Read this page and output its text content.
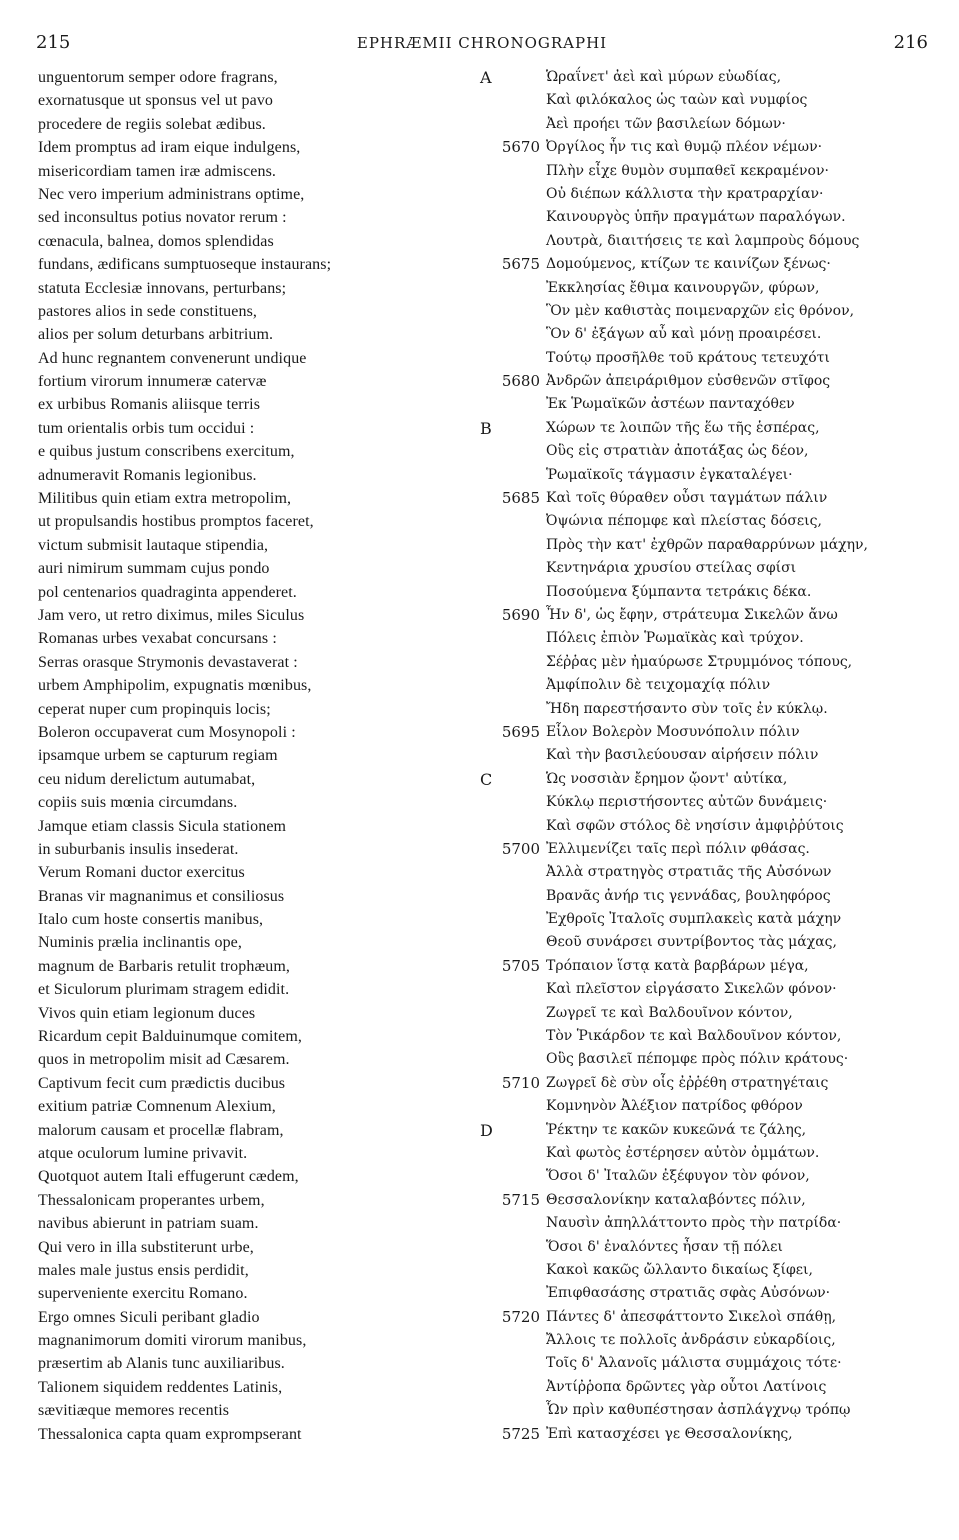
215	EPHRÆMII CHRONOGRAPHI	216
unguentorum semper odore fragrans,
exornatusque ut sponsus vel ut pavo
procedere de regiis solebat ædibus.
Idem promptus ad iram eique indulgens,
misericordiam tamen iræ admiscens.
Nec vero imperium administrans optime,
sed inconsultus potius novator rerum :
cœnacula, balnea, domos splendidas
fundans, ædificans sumptuoseque instaurans;
statuta Ecclesiæ innovans, perturbans;
pastores alios in sede constituens,
alios per solum deturbans arbitrium.
Ad hunc regnantem convenerunt undique
fortium virorum innumeræ catervæ
ex urbibus Romanis aliisque terris
tum orientalis orbis tum occidui :
e quibus justum conscribens exercitum,
adnumeravit Romanis legionibus.
Militibus quin etiam extra metropolim,
ut propulsandis hostibus promptos faceret,
victum submisit lautaque stipendia,
auri nimirum summam cujus pondo
pol centenarios quadraginta appenderet.
Jam vero, ut retro diximus, miles Siculus
Romanas urbes vexabat concursans :
Serras orasque Strymonis devastaverat :
urbem Amphipolim, expugnatis mœnibus,
ceperat nuper cum propinquis locis;
Boleron occupaverat cum Mosynopoli :
ipsamque urbem se capturum regiam
ceu nidum derelictum autumabat,
copiis suis mœnia circumdans.
Jamque etiam classis Sicula stationem
in suburbanis insulis insederat.
Verum Romani ductor exercitus
Branas vir magnanimus et consiliosus
Italo cum hoste consertis manibus,
Numinis prælia inclinantis ope,
magnum de Barbaris retulit trophæum,
et Siculorum plurimam stragem edidit.
Vivos quin etiam legionum duces
Ricardum cepit Balduinumque comitem,
quos in metropolim misit ad Cæsarem.
Captivum fecit cum prædictis ducibus
exitium patriæ Comnenum Alexium,
malorum causam et procellæ flabram,
atque oculorum lumine privavit.
Quotquot autem Itali effugerunt cædem,
Thessalonicam properantes urbem,
navibus abierunt in patriam suam.
Qui vero in illa substiterunt urbe,
males male justus ensis perdidit,
superveniente exercitu Romano.
Ergo omnes Siculi peribant gladio
magnanimorum domiti virorum manibus,
præsertim ab Alanis tunc auxiliaribus.
Talionem siquidem reddentes Latinis,
sævitiæque memores recentis
Thessalonica capta quam exprompserant
A	Ὡραΐνετ' ἀεὶ καὶ μύρων εὐωδίας,
Καὶ φιλόκαλος ὡς ταὼν καὶ νυμφίος
Ἀεὶ προήει τῶν βασιλείων δόμων·
5670 Ὀργίλος ἦν τις καὶ θυμῷ πλέον νέμων·
Πλὴν εἶχε θυμὸν συμπαθεῖ κεκραμένον·
Οὐ διέπων κάλλιστα τὴν κρατραρχίαν·
Καινουργὸς ὑπῆν πραγμάτων παραλόγων.
Λουτρὰ, διαιτήσεις τε καὶ λαμπροὺς δόμους
5675 Δομούμενος, κτίζων τε καινίζων ξένως·
Ἐκκλησίας ἔθιμα καινουργῶν, φύρων,
Ὃν μὲν καθιστὰς ποιμεναρχῶν εἰς θρόνον,
Ὃν δ' ἐξάγων αὖ καὶ μόνῃ προαιρέσει.
Τούτῳ προσῆλθε τοῦ κράτους τετευχότι
5680 Ἀνδρῶν ἀπειράριθμον εὐσθενῶν στῖφος
Ἐκ Ῥωμαϊκῶν ἀστέων πανταχόθεν
B	Χώρων τε λοιπῶν τῆς ἕω τῆς ἑσπέρας,
Οὓς εἰς στρατιὰν ἀποτάξας ὡς δέον,
Ῥωμαϊκοῖς τάγμασιν ἐγκαταλέγει·
5685 Καὶ τοῖς θύραθεν οὖσι ταγμάτων πάλιν
Ὀψώνια πέπομφε καὶ πλείστας δόσεις,
Πρὸς τὴν κατ' ἐχθρῶν παραθαρρύνων μάχην,
Κεντηνάρια χρυσίου στείλας σφίσι
Ποσούμενα ξύμπαντα τετράκις δέκα.
5690 Ἦν δ', ὡς ἔφην, στράτευμα Σικελῶν ἄνω
Πόλεις ἐπιὸν Ῥωμαϊκὰς καὶ τρύχον.
Σέῤῥας μὲν ἠμαύρωσε Στρυμμόνος τόπους,
Ἀμφίπολιν δὲ τειχομαχίᾳ πόλιν
Ἤδη παρεστήσαντο σὺν τοῖς ἐν κύκλῳ.
5695 Εἷλον Βολερὸν Μοσυνόπολιν πόλιν
Καὶ τὴν βασιλεύουσαν αἱρήσειν πόλιν
C	Ὡς νοσσιὰν ἔρημον ᾤοντ' αὐτίκα,
Κύκλῳ περιστήσοντες αὐτῶν δυνάμεις·
Καὶ σφῶν στόλος δὲ νησίσιν ἀμφιῤῥύτοις
5700 Ἐλλιμενίζει ταῖς περὶ πόλιν φθάσας.
Ἀλλὰ στρατηγὸς στρατιᾶς τῆς Αὐσόνων
Βρανᾶς ἀνήρ τις γεννάδας, βουληφόρος
Ἐχθροῖς Ἰταλοῖς συμπλακεὶς κατὰ μάχην
Θεοῦ συνάρσει συντρίβοντος τὰς μάχας,
5705 Τρόπαιον ἵστᾳ κατὰ βαρβάρων μέγα,
Καὶ πλεῖστον εἰργάσατο Σικελῶν φόνον·
Ζωγρεῖ τε καὶ Βαλδουῖνον κόντον,
Τὸν Ῥικάρδον τε καὶ Βαλδουῖνον κόντον,
Οὓς βασιλεῖ πέπομφε πρὸς πόλιν κράτους·
5710 Ζωγρεῖ δὲ σὺν οἷς ἐῤῥέθη στρατηγέταις
Κομνηνὸν Ἀλέξιον πατρίδος φθόρον
D	Ῥέκτην τε κακῶν κυκεῶνά τε ζάλης,
Καὶ φωτὸς ἐστέρησεν αὐτὸν ὀμμάτων.
Ὅσοι δ' Ἰταλῶν ἐξέφυγον τὸν φόνον,
5715 Θεσσαλονίκην καταλαβόντες πόλιν,
Ναυσὶν ἀπηλλάττοντο πρὸς τὴν πατρίδα·
Ὅσοι δ' ἐναλόντες ἦσαν τῇ πόλει
Κακοὶ κακῶς ὤλλαντο δικαίως ξίφει,
Ἐπιφθασάσης στρατιᾶς σφὰς Αὐσόνων·
5720 Πάντες δ' ἀπεσφάττοντο Σικελοὶ σπάθῃ,
Ἄλλοις τε πολλοῖς ἀνδράσιν εὐκαρδίοις,
Τοῖς δ' Ἀλανοῖς μάλιστα συμμάχοις τότε·
Ἀντίῤῥοπα δρῶντες γὰρ οὗτοι Λατίνοις
Ὧν πρὶν καθυπέστησαν ἀσπλάγχνῳ τρόπῳ
5725 Ἐπὶ κατασχέσει γε Θεσσαλονίκης,
